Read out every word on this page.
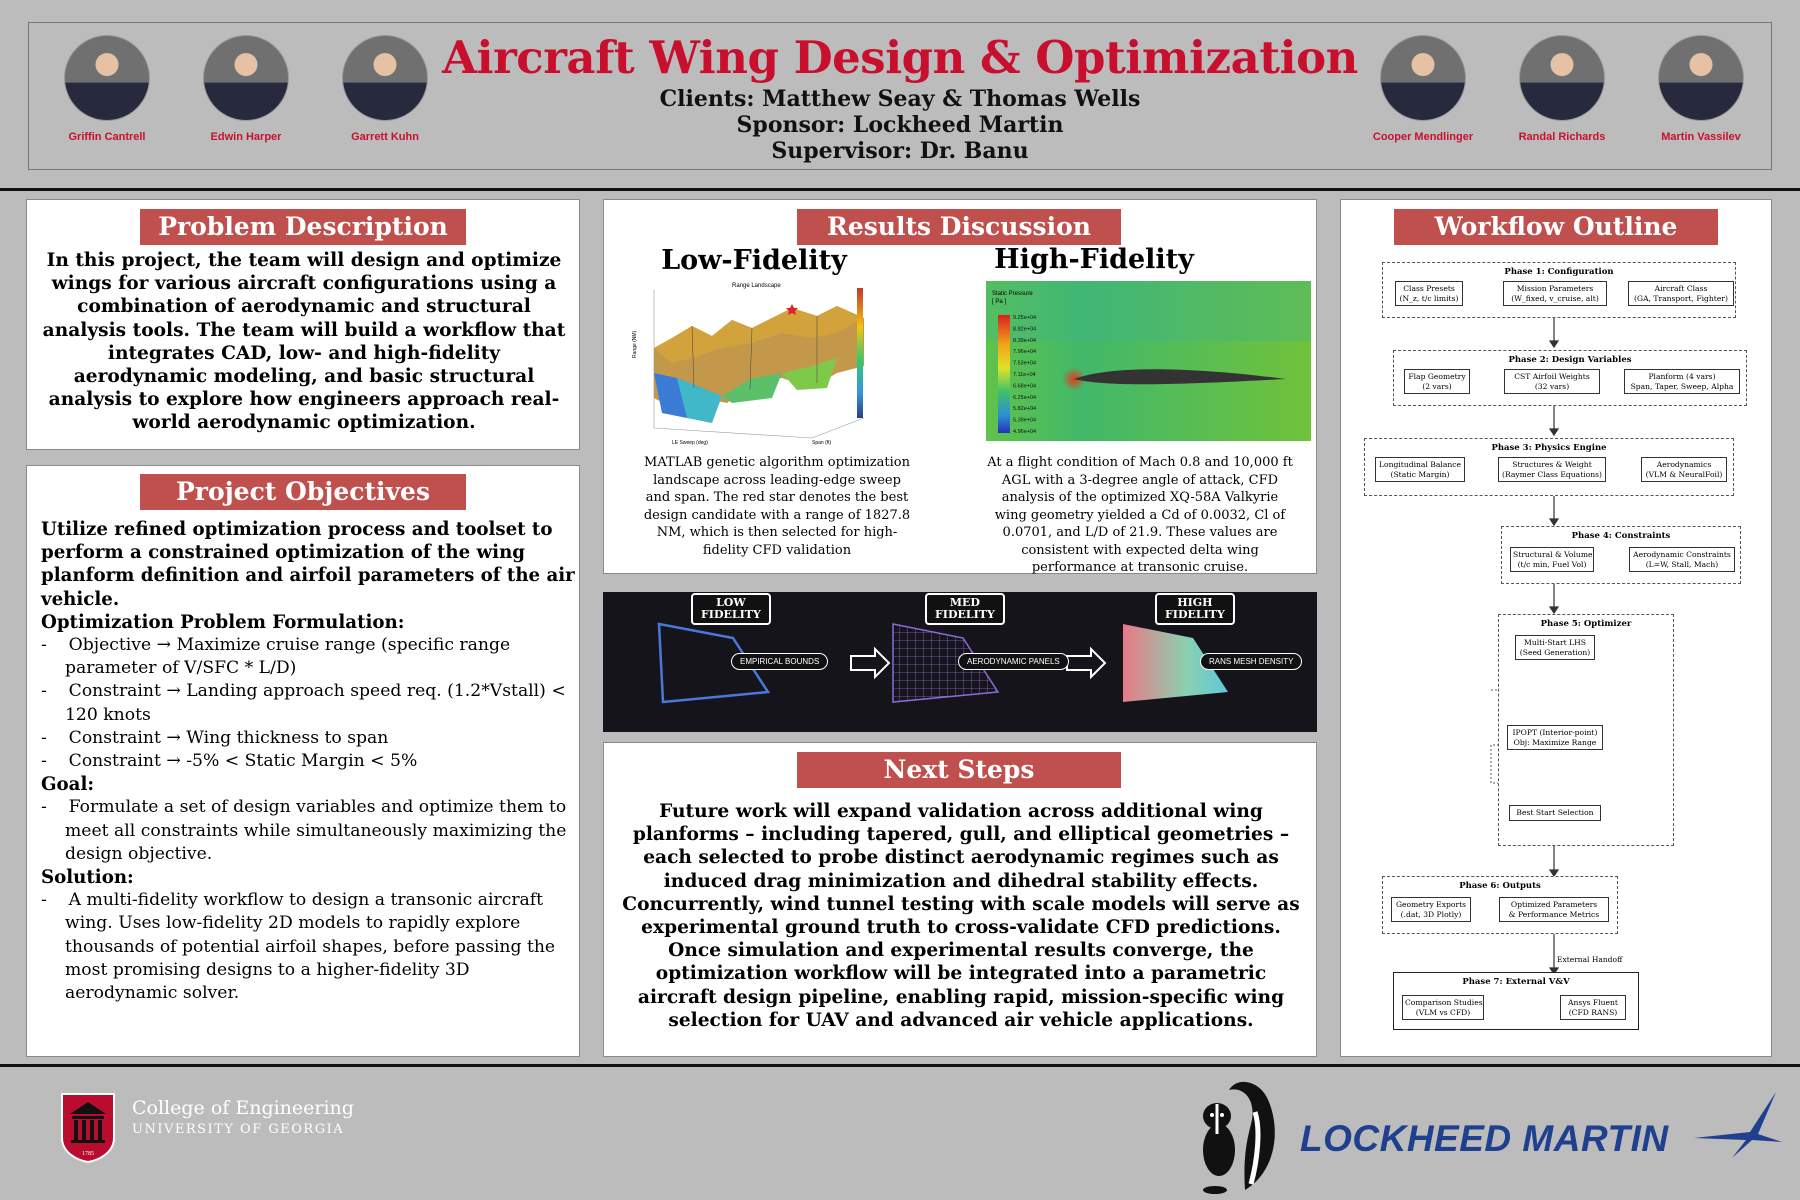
Griffin Cantrell	Edwin Harper	Garrett Kuhn
Aircraft Wing Design & Optimization
Clients: Matthew Seay & Thomas Wells
Sponsor: Lockheed Martin
Supervisor: Dr. Banu
Cooper Mendlinger	Randal Richards	Martin Vassilev
Problem Description
In this project, the team will design and optimize wings for various aircraft configurations using a combination of aerodynamic and structural analysis tools. The team will build a workflow that integrates CAD, low- and high-fidelity aerodynamic modeling, and basic structural analysis to explore how engineers approach real-world aerodynamic optimization.
Project Objectives
Utilize refined optimization process and toolset to perform a constrained optimization of the wing planform definition and airfoil parameters of the air vehicle.
Optimization Problem Formulation:
-    Objective → Maximize cruise range (specific range parameter of V/SFC * L/D)
-    Constraint → Landing approach speed req. (1.2*Vstall) < 120 knots
-    Constraint → Wing thickness to span
-    Constraint → -5% < Static Margin < 5%
Goal:
-    Formulate a set of design variables and optimize them to meet all constraints while simultaneously maximizing the design objective.
Solution:
-    A multi-fidelity workflow to design a transonic aircraft wing. Uses low-fidelity 2D models to rapidly explore thousands of potential airfoil shapes, before passing the most promising designs to a higher-fidelity 3D aerodynamic solver.
Results Discussion
Low-Fidelity	High-Fidelity
Range Landscape
Range (NM)
LE Sweep (deg)	Span (ft)
Static Pressure
[ Pa ]
9.25e+04
8.82e+04
8.39e+04
7.96e+04
7.53e+04
7.11e+04
6.68e+04
6.25e+04
5.82e+04
5.39e+04
4.96e+04
MATLAB genetic algorithm optimization landscape across leading-edge sweep and span. The red star denotes the best design candidate with a range of 1827.8 NM, which is then selected for high-fidelity CFD validation
At a flight condition of Mach 0.8 and 10,000 ft AGL with a 3-degree angle of attack, CFD analysis of the optimized XQ-58A Valkyrie wing geometry yielded a Cd of 0.0032, Cl of 0.0701, and L/D of 21.9. These values are consistent with expected delta wing performance at transonic cruise.
LOW
FIDELITY
MED
FIDELITY
HIGH
FIDELITY
EMPIRICAL BOUNDS	AERODYNAMIC PANELS	RANS MESH DENSITY
Next Steps
Future work will expand validation across additional wing planforms – including tapered, gull, and elliptical geometries – each selected to probe distinct aerodynamic regimes such as induced drag minimization and dihedral stability effects. Concurrently, wind tunnel testing with scale models will serve as experimental ground truth to cross-validate CFD predictions. Once simulation and experimental results converge, the optimization workflow will be integrated into a parametric aircraft design pipeline, enabling rapid, mission-specific wing selection for UAV and advanced air vehicle applications.
Workflow Outline
Phase 1: Configuration
Class Presets
(N_z, t/c limits)
Mission Parameters
(W_fixed, v_cruise, alt)
Aircraft Class
(GA, Transport, Fighter)
Phase 2: Design Variables
Flap Geometry
(2 vars)
CST Airfoil Weights
(32 vars)
Planform (4 vars)
Span, Taper, Sweep, Alpha
Phase 3: Physics Engine
Longitudinal Balance
(Static Margin)
Structures & Weight
(Raymer Class Equations)
Aerodynamics
(VLM & NeuralFoil)
Phase 4: Constraints
Structural & Volume
(t/c min, Fuel Vol)
Aerodynamic Constraints
(L=W, Stall, Mach)
Phase 5: Optimizer
Multi-Start LHS
(Seed Generation)
IPOPT (Interior-point)
Obj: Maximize Range
Best Start Selection
Phase 6: Outputs
Geometry Exports
(.dat, 3D Plotly)
Optimized Parameters
& Performance Metrics
External Handoff
Phase 7: External V&V
Comparison Studies
(VLM vs CFD)
Ansys Fluent
(CFD RANS)
1785
College of Engineering
UNIVERSITY OF GEORGIA	LOCKHEED MARTIN
